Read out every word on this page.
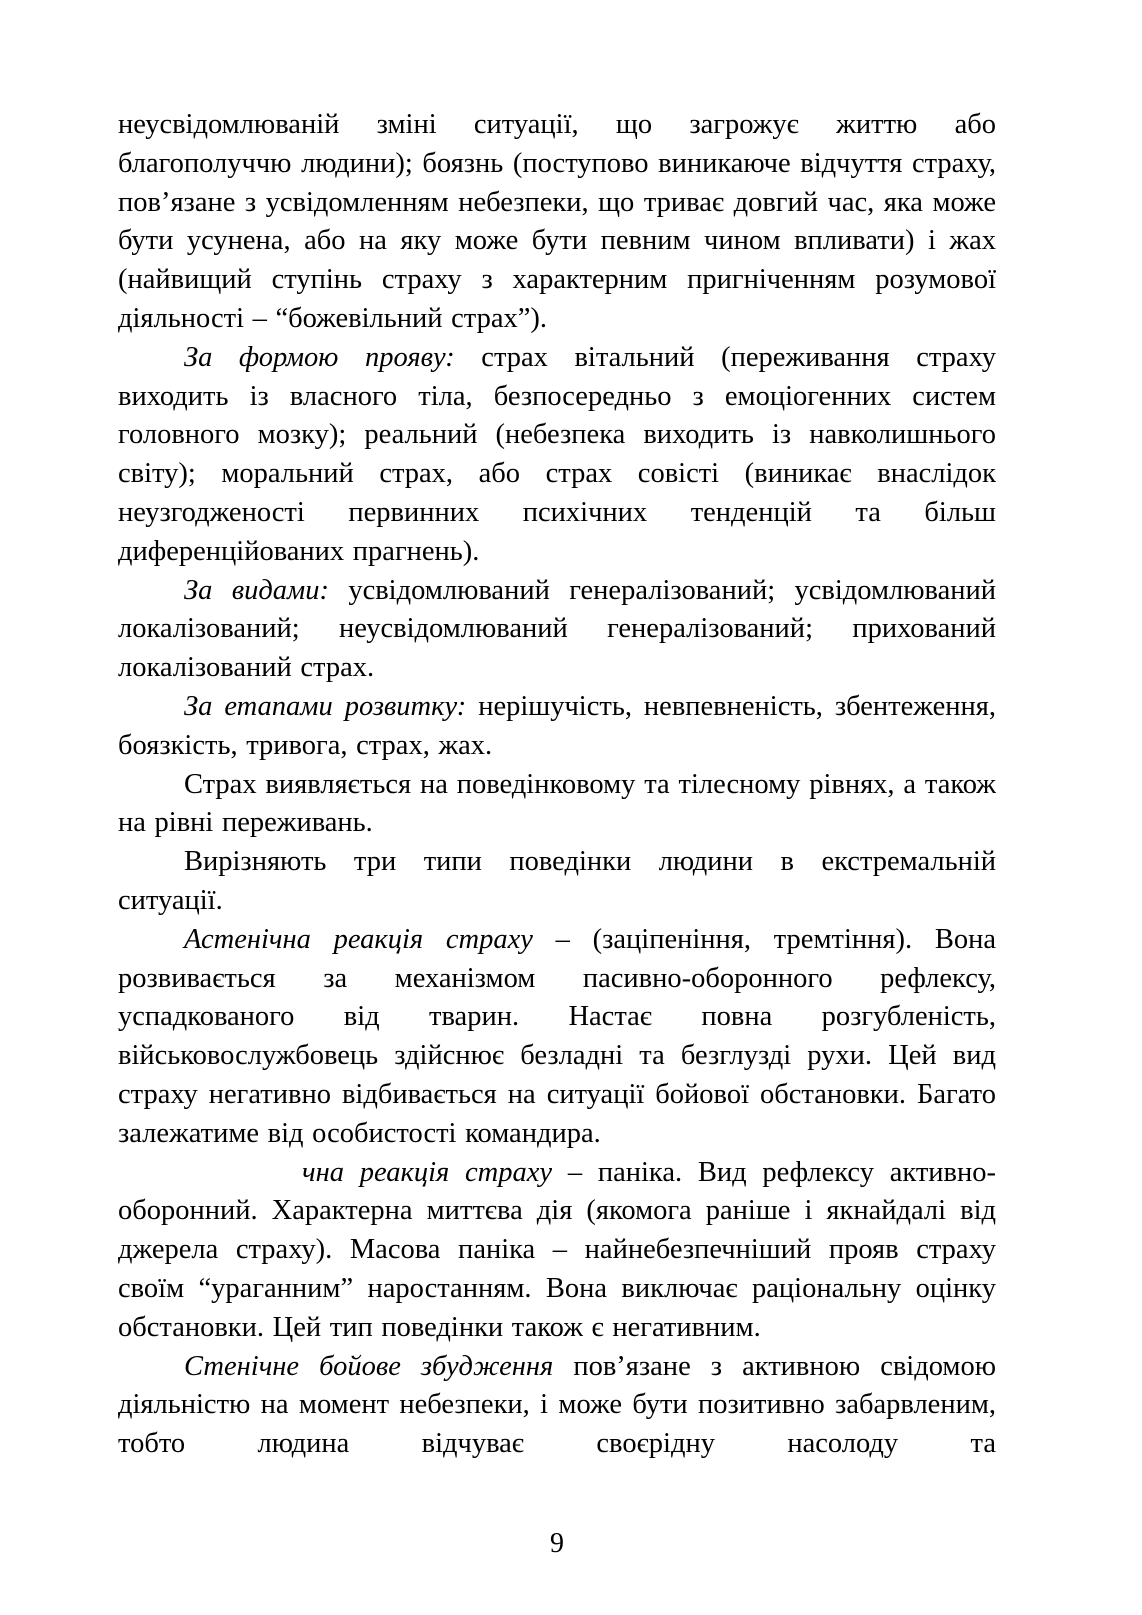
неусвідомлюваній зміні ситуації, що загрожує життю або благополуччю людини); боязнь (поступово виникаюче відчуття страху, пов’язане з усвідомленням небезпеки, що триває довгий час, яка може бути усунена, або на яку може бути певним чином впливати) і жах (найвищий ступінь страху з характерним пригніченням розумової діяльності – “божевільний страх”).

За формою прояву: страх вітальний (переживання страху виходить із власного тіла, безпосередньо з емоціогенних систем головного мозку); реальний (небезпека виходить із навколишнього світу); моральний страх, або страх совісті (виникає внаслідок неузгодженості первинних психічних тенденцій та більш диференційованих прагнень).

За видами: усвідомлюваний генералізований; усвідомлюваний локалізований; неусвідомлюваний генералізований; прихований локалізований страх.

За етапами розвитку: нерішучість, невпевненість, збентеження, боязкість, тривога, страх, жах.

Страх виявляється на поведінковому та тілесному рівнях, а також на рівні переживань.

Вирізняють три типи поведінки людини в екстремальній ситуації.

Астенічна реакція страху – (заціпеніння, тремтіння). Вона розвивається за механізмом пасивно-оборонного рефлексу, успадкованого від тварин. Настає повна розгубленість, військовослужбовець здійснює безладні та безглузді рухи. Цей вид страху негативно відбивається на ситуації бойової обстановки. Багато залежатиме від особистості командира.

чна реакція страху – паніка. Вид рефлексу активно-оборонний. Характерна миттєва дія (якомога раніше і якнайдалі від джерела страху). Масова паніка – найнебезпечніший прояв страху своїм “ураганним” наростанням. Вона виключає раціональну оцінку обстановки. Цей тип поведінки також є негативним.

Стенічне бойове збудження пов’язане з активною свідомою діяльністю на момент небезпеки, і може бути позитивно забарвленим, тобто людина відчуває своєрідну насолоду та

9
